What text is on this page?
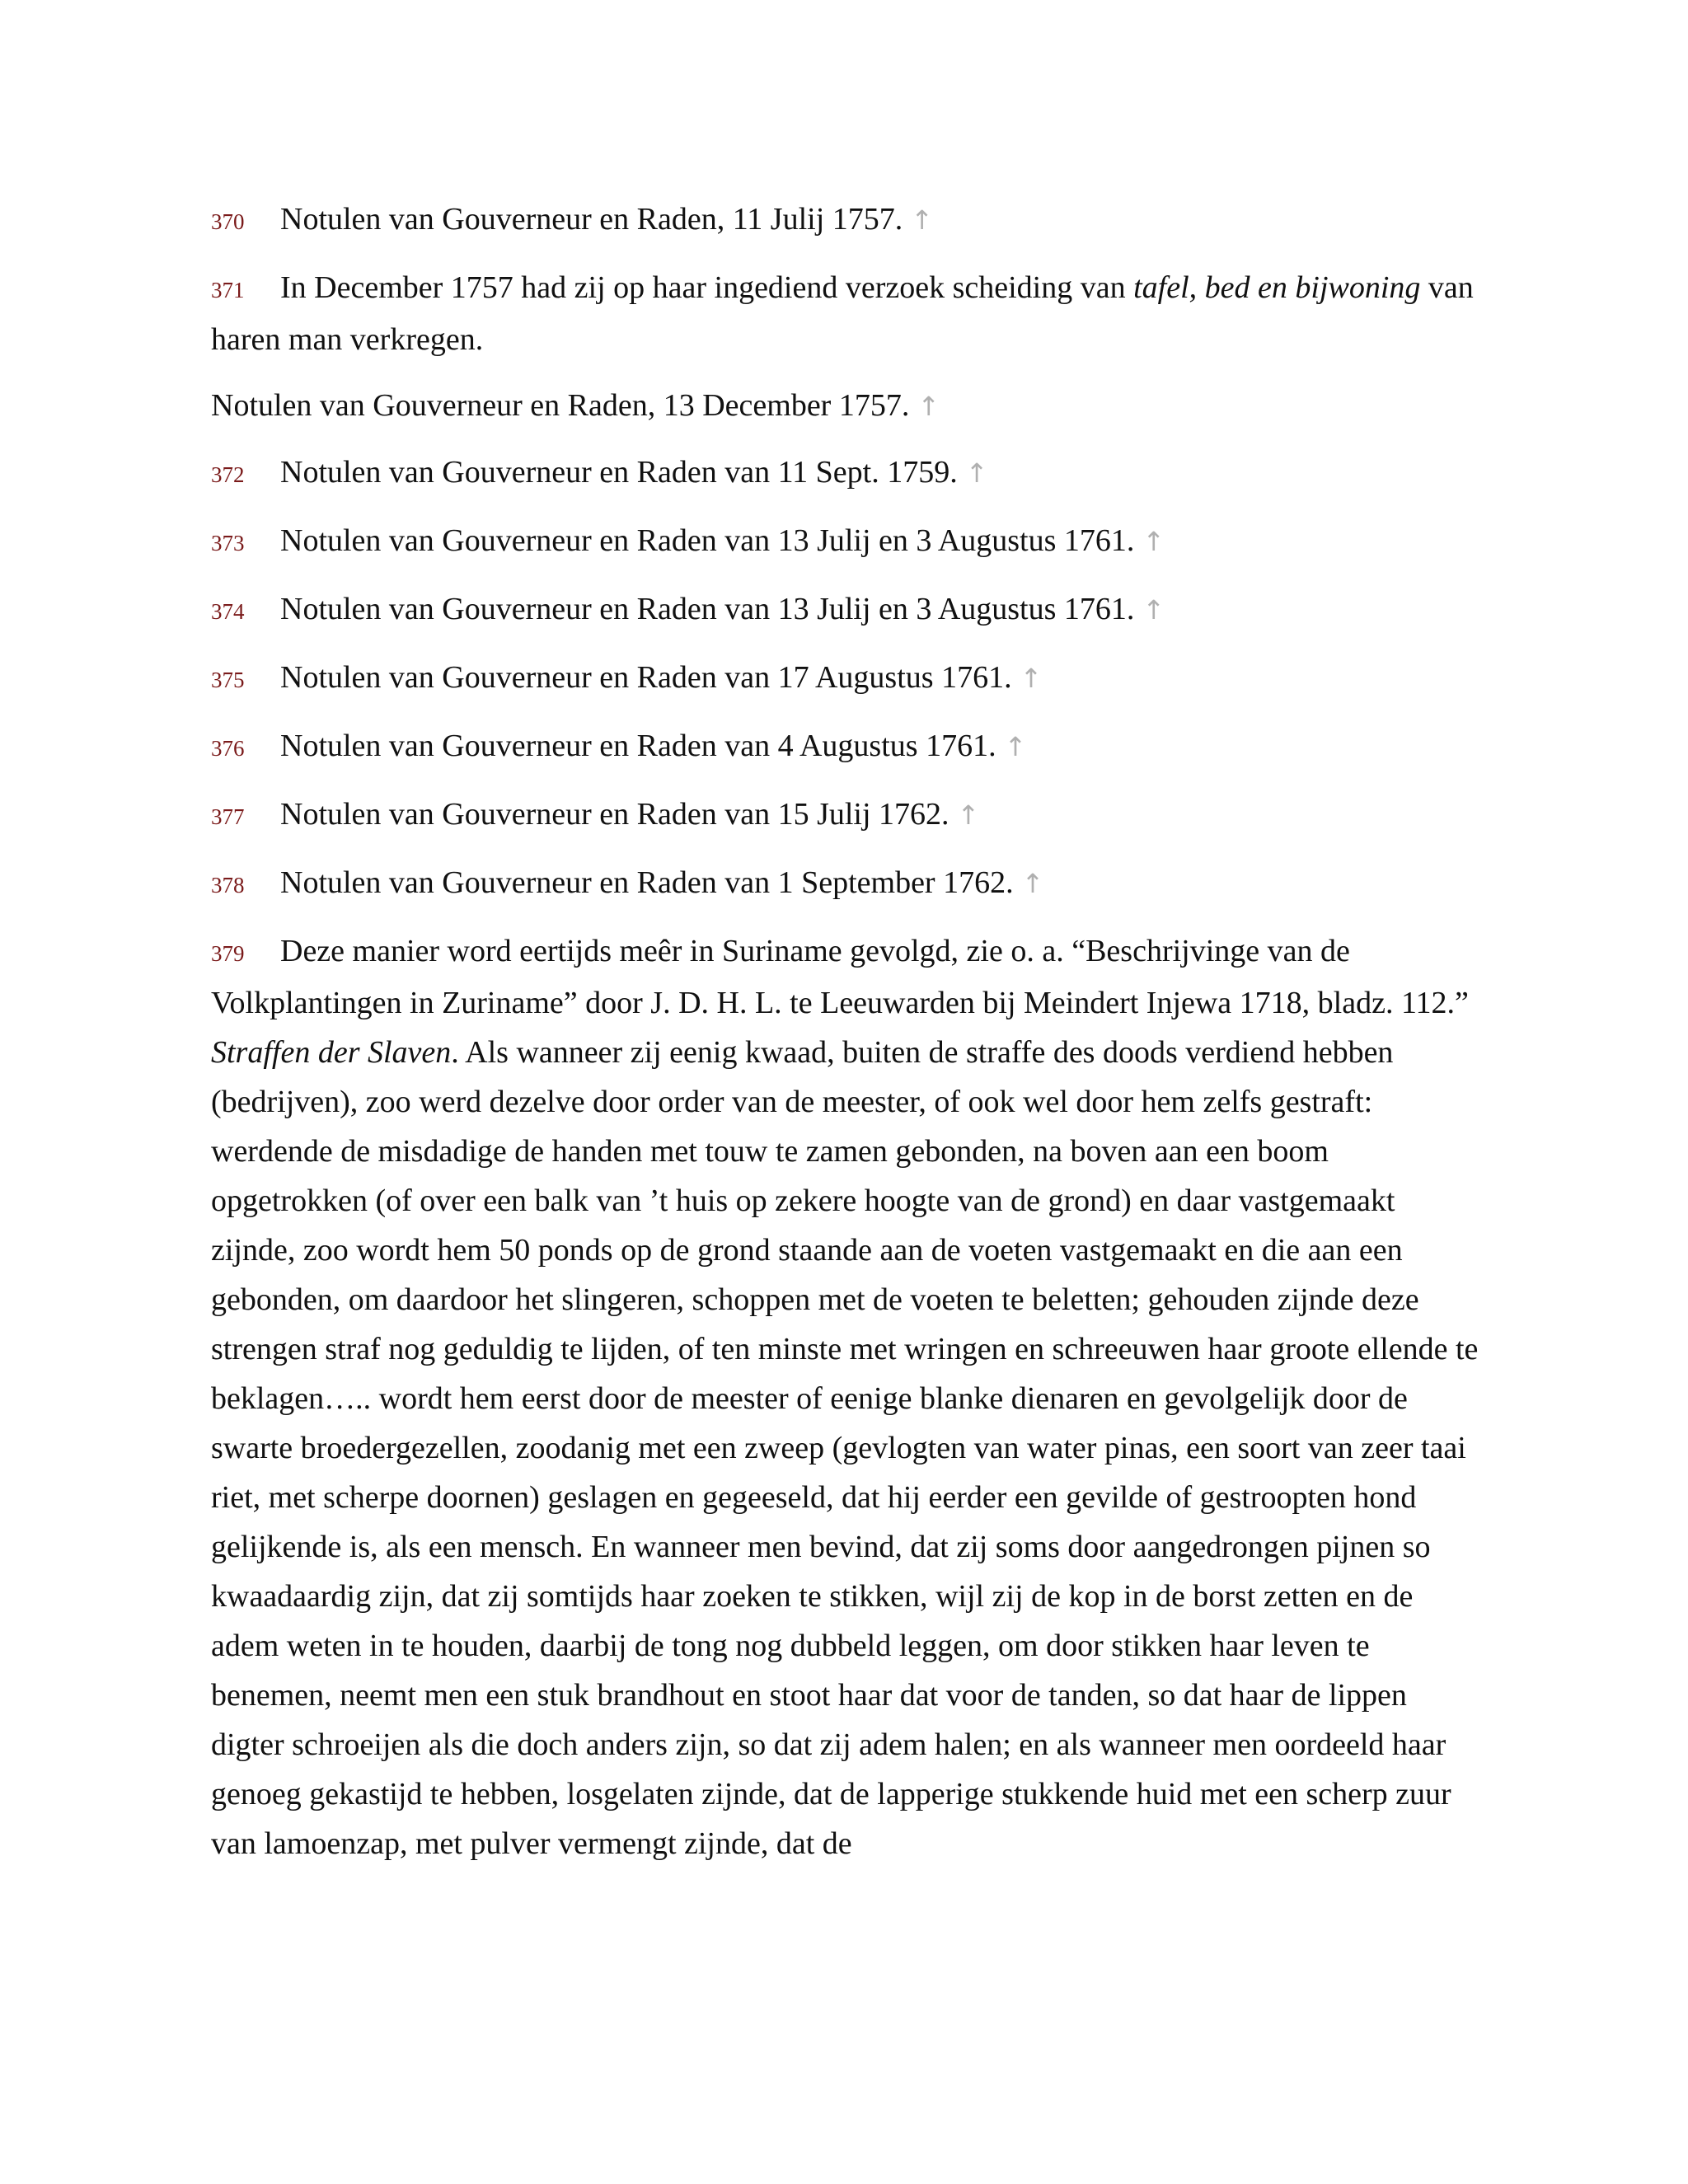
370 Notulen van Gouverneur en Raden, 11 Julij 1757. ↑

371 In December 1757 had zij op haar ingediend verzoek scheiding van tafel, bed en bijwoning van haren man verkregen.

Notulen van Gouverneur en Raden, 13 December 1757. ↑

372 Notulen van Gouverneur en Raden van 11 Sept. 1759. ↑

373 Notulen van Gouverneur en Raden van 13 Julij en 3 Augustus 1761. ↑

374 Notulen van Gouverneur en Raden van 13 Julij en 3 Augustus 1761. ↑

375 Notulen van Gouverneur en Raden van 17 Augustus 1761. ↑

376 Notulen van Gouverneur en Raden van 4 Augustus 1761. ↑

377 Notulen van Gouverneur en Raden van 15 Julij 1762. ↑

378 Notulen van Gouverneur en Raden van 1 September 1762. ↑

379 Deze manier word eertijds meêr in Suriname gevolgd, zie o. a. “Beschrijvinge van de Volkplantingen in Zuriname” door J. D. H. L. te Leeuwarden bij Meindert Injewa 1718, bladz. 112.” Straffen der Slaven. Als wanneer zij eenig kwaad, buiten de straffe des doods verdiend hebben (bedrijven), zoo werd dezelve door order van de meester, of ook wel door hem zelfs gestraft: werdende de misdadige de handen met touw te zamen gebonden, na boven aan een boom opgetrokken (of over een balk van ’t huis op zekere hoogte van de grond) en daar vastgemaakt zijnde, zoo wordt hem 50 ponds op de grond staande aan de voeten vastgemaakt en die aan een gebonden, om daardoor het slingeren, schoppen met de voeten te beletten; gehouden zijnde deze strengen straf nog geduldig te lijden, of ten minste met wringen en schreeuwen haar groote ellende te beklagen….. wordt hem eerst door de meester of eenige blanke dienaren en gevolgelijk door de swarte broedergezellen, zoodanig met een zweep (gevlogten van water pinas, een soort van zeer taai riet, met scherpe doornen) geslagen en gegeeseld, dat hij eerder een gevilde of gestroopten hond gelijkende is, als een mensch. En wanneer men bevind, dat zij soms door aangedrongen pijnen so kwaadaardig zijn, dat zij somtijds haar zoeken te stikken, wijl zij de kop in de borst zetten en de adem weten in te houden, daarbij de tong nog dubbeld leggen, om door stikken haar leven te benemen, neemt men een stuk brandhout en stoot haar dat voor de tanden, so dat haar de lippen digter schroeijen als die doch anders zijn, so dat zij adem halen; en als wanneer men oordeeld haar genoeg gekastijd te hebben, losgelaten zijnde, dat de lapperige stukkende huid met een scherp zuur van lamoenzap, met pulver vermengt zijnde, dat de
